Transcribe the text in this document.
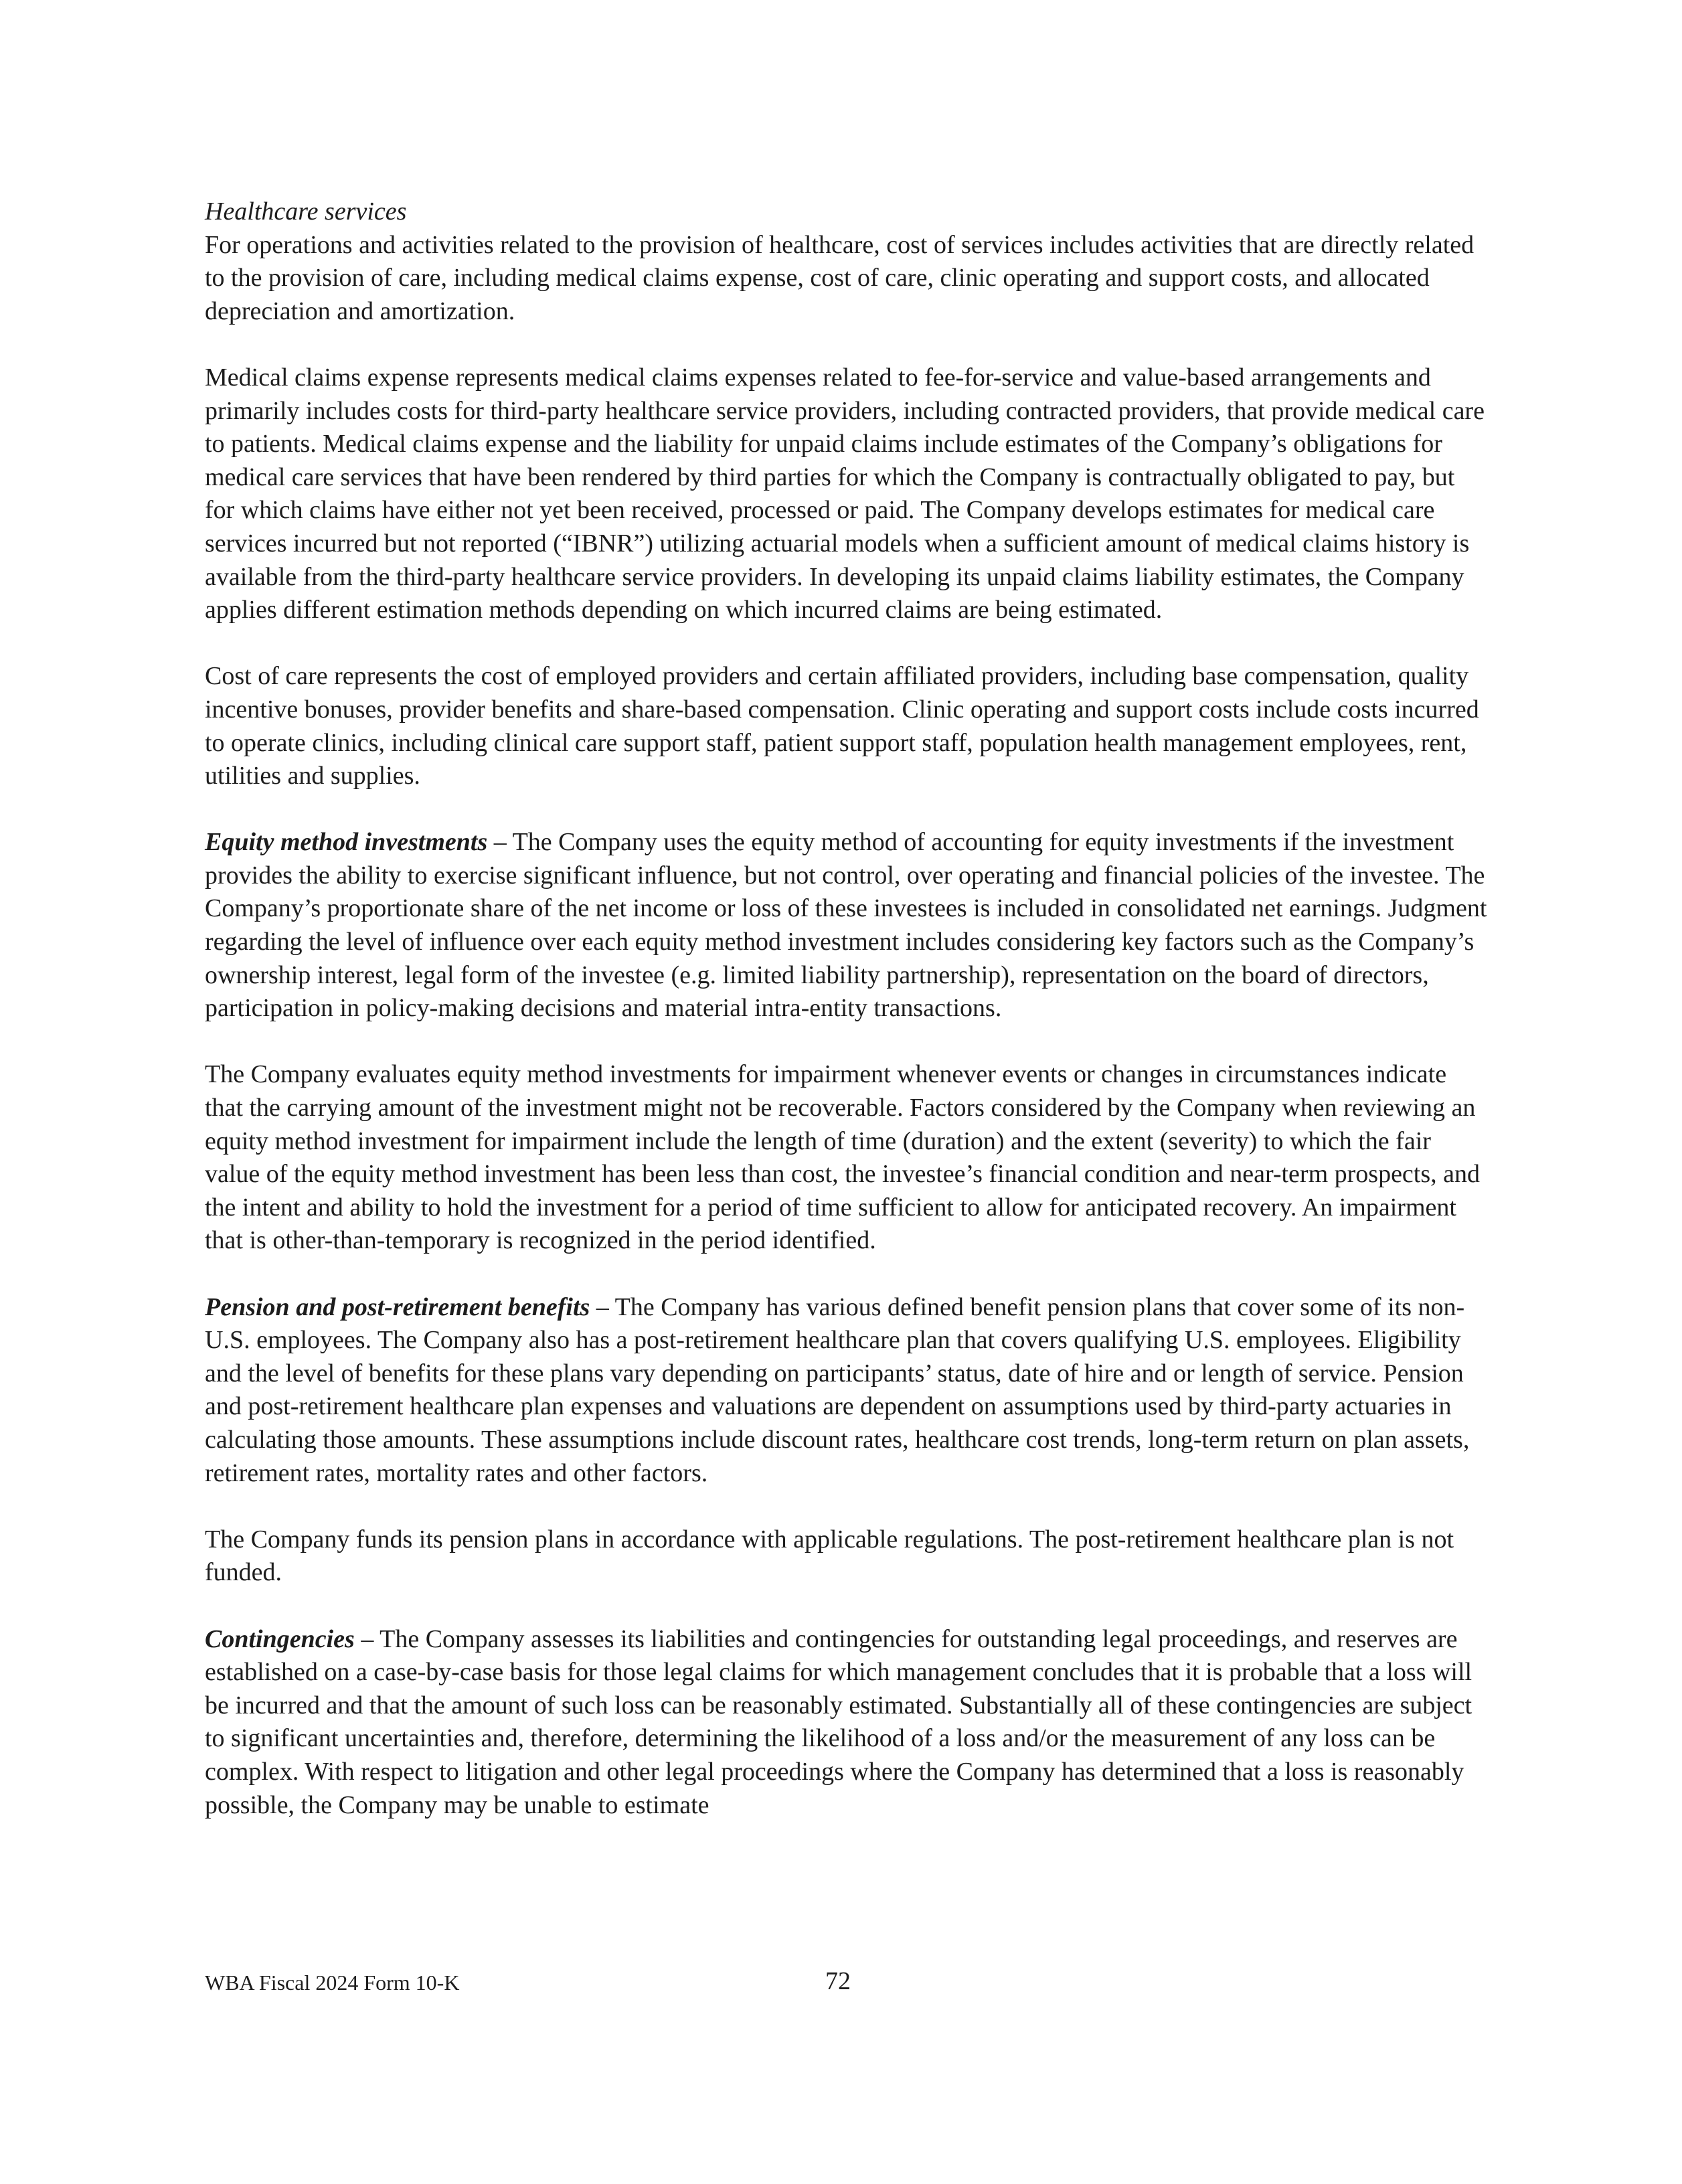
Healthcare services

For operations and activities related to the provision of healthcare, cost of services includes activities that are directly related to the provision of care, including medical claims expense, cost of care, clinic operating and support costs, and allocated depreciation and amortization.

Medical claims expense represents medical claims expenses related to fee-for-service and value-based arrangements and primarily includes costs for third-party healthcare service providers, including contracted providers, that provide medical care to patients. Medical claims expense and the liability for unpaid claims include estimates of the Company’s obligations for medical care services that have been rendered by third parties for which the Company is contractually obligated to pay, but for which claims have either not yet been received, processed or paid. The Company develops estimates for medical care services incurred but not reported (“IBNR”) utilizing actuarial models when a sufficient amount of medical claims history is available from the third-party healthcare service providers. In developing its unpaid claims liability estimates, the Company applies different estimation methods depending on which incurred claims are being estimated.

Cost of care represents the cost of employed providers and certain affiliated providers, including base compensation, quality incentive bonuses, provider benefits and share-based compensation. Clinic operating and support costs include costs incurred to operate clinics, including clinical care support staff, patient support staff, population health management employees, rent, utilities and supplies.

Equity method investments – The Company uses the equity method of accounting for equity investments if the investment provides the ability to exercise significant influence, but not control, over operating and financial policies of the investee. The Company’s proportionate share of the net income or loss of these investees is included in consolidated net earnings. Judgment regarding the level of influence over each equity method investment includes considering key factors such as the Company’s ownership interest, legal form of the investee (e.g. limited liability partnership), representation on the board of directors, participation in policy-making decisions and material intra-entity transactions.

The Company evaluates equity method investments for impairment whenever events or changes in circumstances indicate that the carrying amount of the investment might not be recoverable. Factors considered by the Company when reviewing an equity method investment for impairment include the length of time (duration) and the extent (severity) to which the fair value of the equity method investment has been less than cost, the investee’s financial condition and near-term prospects, and the intent and ability to hold the investment for a period of time sufficient to allow for anticipated recovery. An impairment that is other-than-temporary is recognized in the period identified.

Pension and post-retirement benefits – The Company has various defined benefit pension plans that cover some of its non-U.S. employees. The Company also has a post-retirement healthcare plan that covers qualifying U.S. employees. Eligibility and the level of benefits for these plans vary depending on participants’ status, date of hire and or length of service. Pension and post-retirement healthcare plan expenses and valuations are dependent on assumptions used by third-party actuaries in calculating those amounts. These assumptions include discount rates, healthcare cost trends, long-term return on plan assets, retirement rates, mortality rates and other factors.

The Company funds its pension plans in accordance with applicable regulations. The post-retirement healthcare plan is not funded.

Contingencies – The Company assesses its liabilities and contingencies for outstanding legal proceedings, and reserves are established on a case-by-case basis for those legal claims for which management concludes that it is probable that a loss will be incurred and that the amount of such loss can be reasonably estimated. Substantially all of these contingencies are subject to significant uncertainties and, therefore, determining the likelihood of a loss and/or the measurement of any loss can be complex. With respect to litigation and other legal proceedings where the Company has determined that a loss is reasonably possible, the Company may be unable to estimate

WBA Fiscal 2024 Form 10-K	72
